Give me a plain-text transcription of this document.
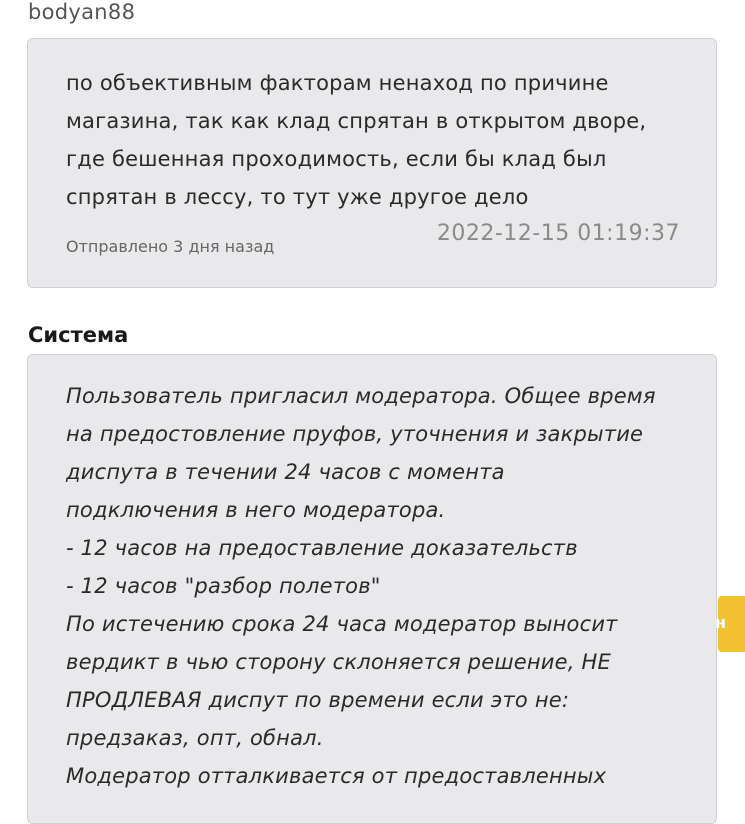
bodyan88
по объективным факторам ненаход по причине
магазина, так как клад спрятан в открытом дворе,
где бешенная проходимость, если бы клад был
спрятан в лессу, то тут уже другое дело
Отправлено 3 дня назад
2022-12-15 01:19:37
Система
Пользователь пригласил модератора. Общее время
на предостовление пруфов, уточнения и закрытие
диспута в течении 24 часов с момента
подключения в него модератора.
- 12 часов на предоставление доказательств
- 12 часов "разбор полетов"
По истечению срока 24 часа модератор выносит
вердикт в чью сторону склоняется решение, НЕ
ПРОДЛЕВАЯ диспут по времени если это не:
предзаказ, опт, обнал.
Модератор отталкивается от предоставленных
н
